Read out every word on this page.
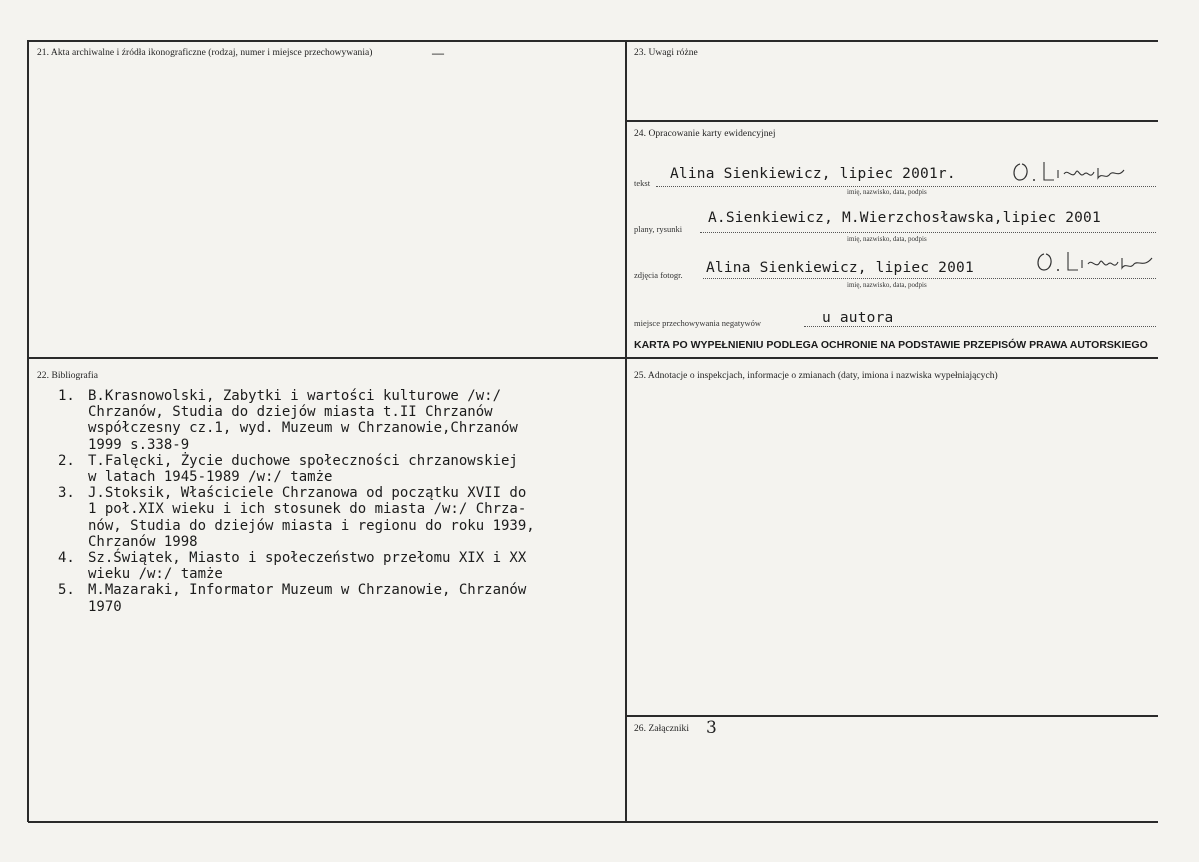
21. Akta archiwalne i źródła ikonograficzne (rodzaj, numer i miejsce przechowywania)	—	23. Uwagi różne
24. Opracowanie karty ewidencyjnej
tekst
Alina Sienkiewicz, lipiec 2001r.
imię, nazwisko, data, podpis
plany, rysunki
A.Sienkiewicz, M.Wierzchosławska,lipiec 2001
imię, nazwisko, data, podpis
zdjęcia fotogr. Alina Sienkiewicz, lipiec 2001
imię, nazwisko, data, podpis
miejsce przechowywania negatywów	u autora
KARTA PO WYPEŁNIENIU PODLEGA OCHRONIE NA PODSTAWIE PRZEPISÓW PRAWA AUTORSKIEGO
22. Bibliografia
1. B.Krasnowolski, Zabytki i wartości kulturowe /w:/
Chrzanów, Studia do dziejów miasta t.II Chrzanów
współczesny cz.1, wyd. Muzeum w Chrzanowie,Chrzanów
1999 s.338-9
2. T.Falęcki, Życie duchowe społeczności chrzanowskiej
w latach 1945-1989 /w:/ tamże
3. J.Stoksik, Właściciele Chrzanowa od początku XVII do
1 poł.XIX wieku i ich stosunek do miasta /w:/ Chrza-
nów, Studia do dziejów miasta i regionu do roku 1939,
Chrzanów 1998
4. Sz.Świątek, Miasto i społeczeństwo przełomu XIX i XX
wieku /w:/ tamże
5. M.Mazaraki, Informator Muzeum w Chrzanowie, Chrzanów
1970
25. Adnotacje o inspekcjach, informacje o zmianach (daty, imiona i nazwiska wypełniających)
26. Załączniki 3
